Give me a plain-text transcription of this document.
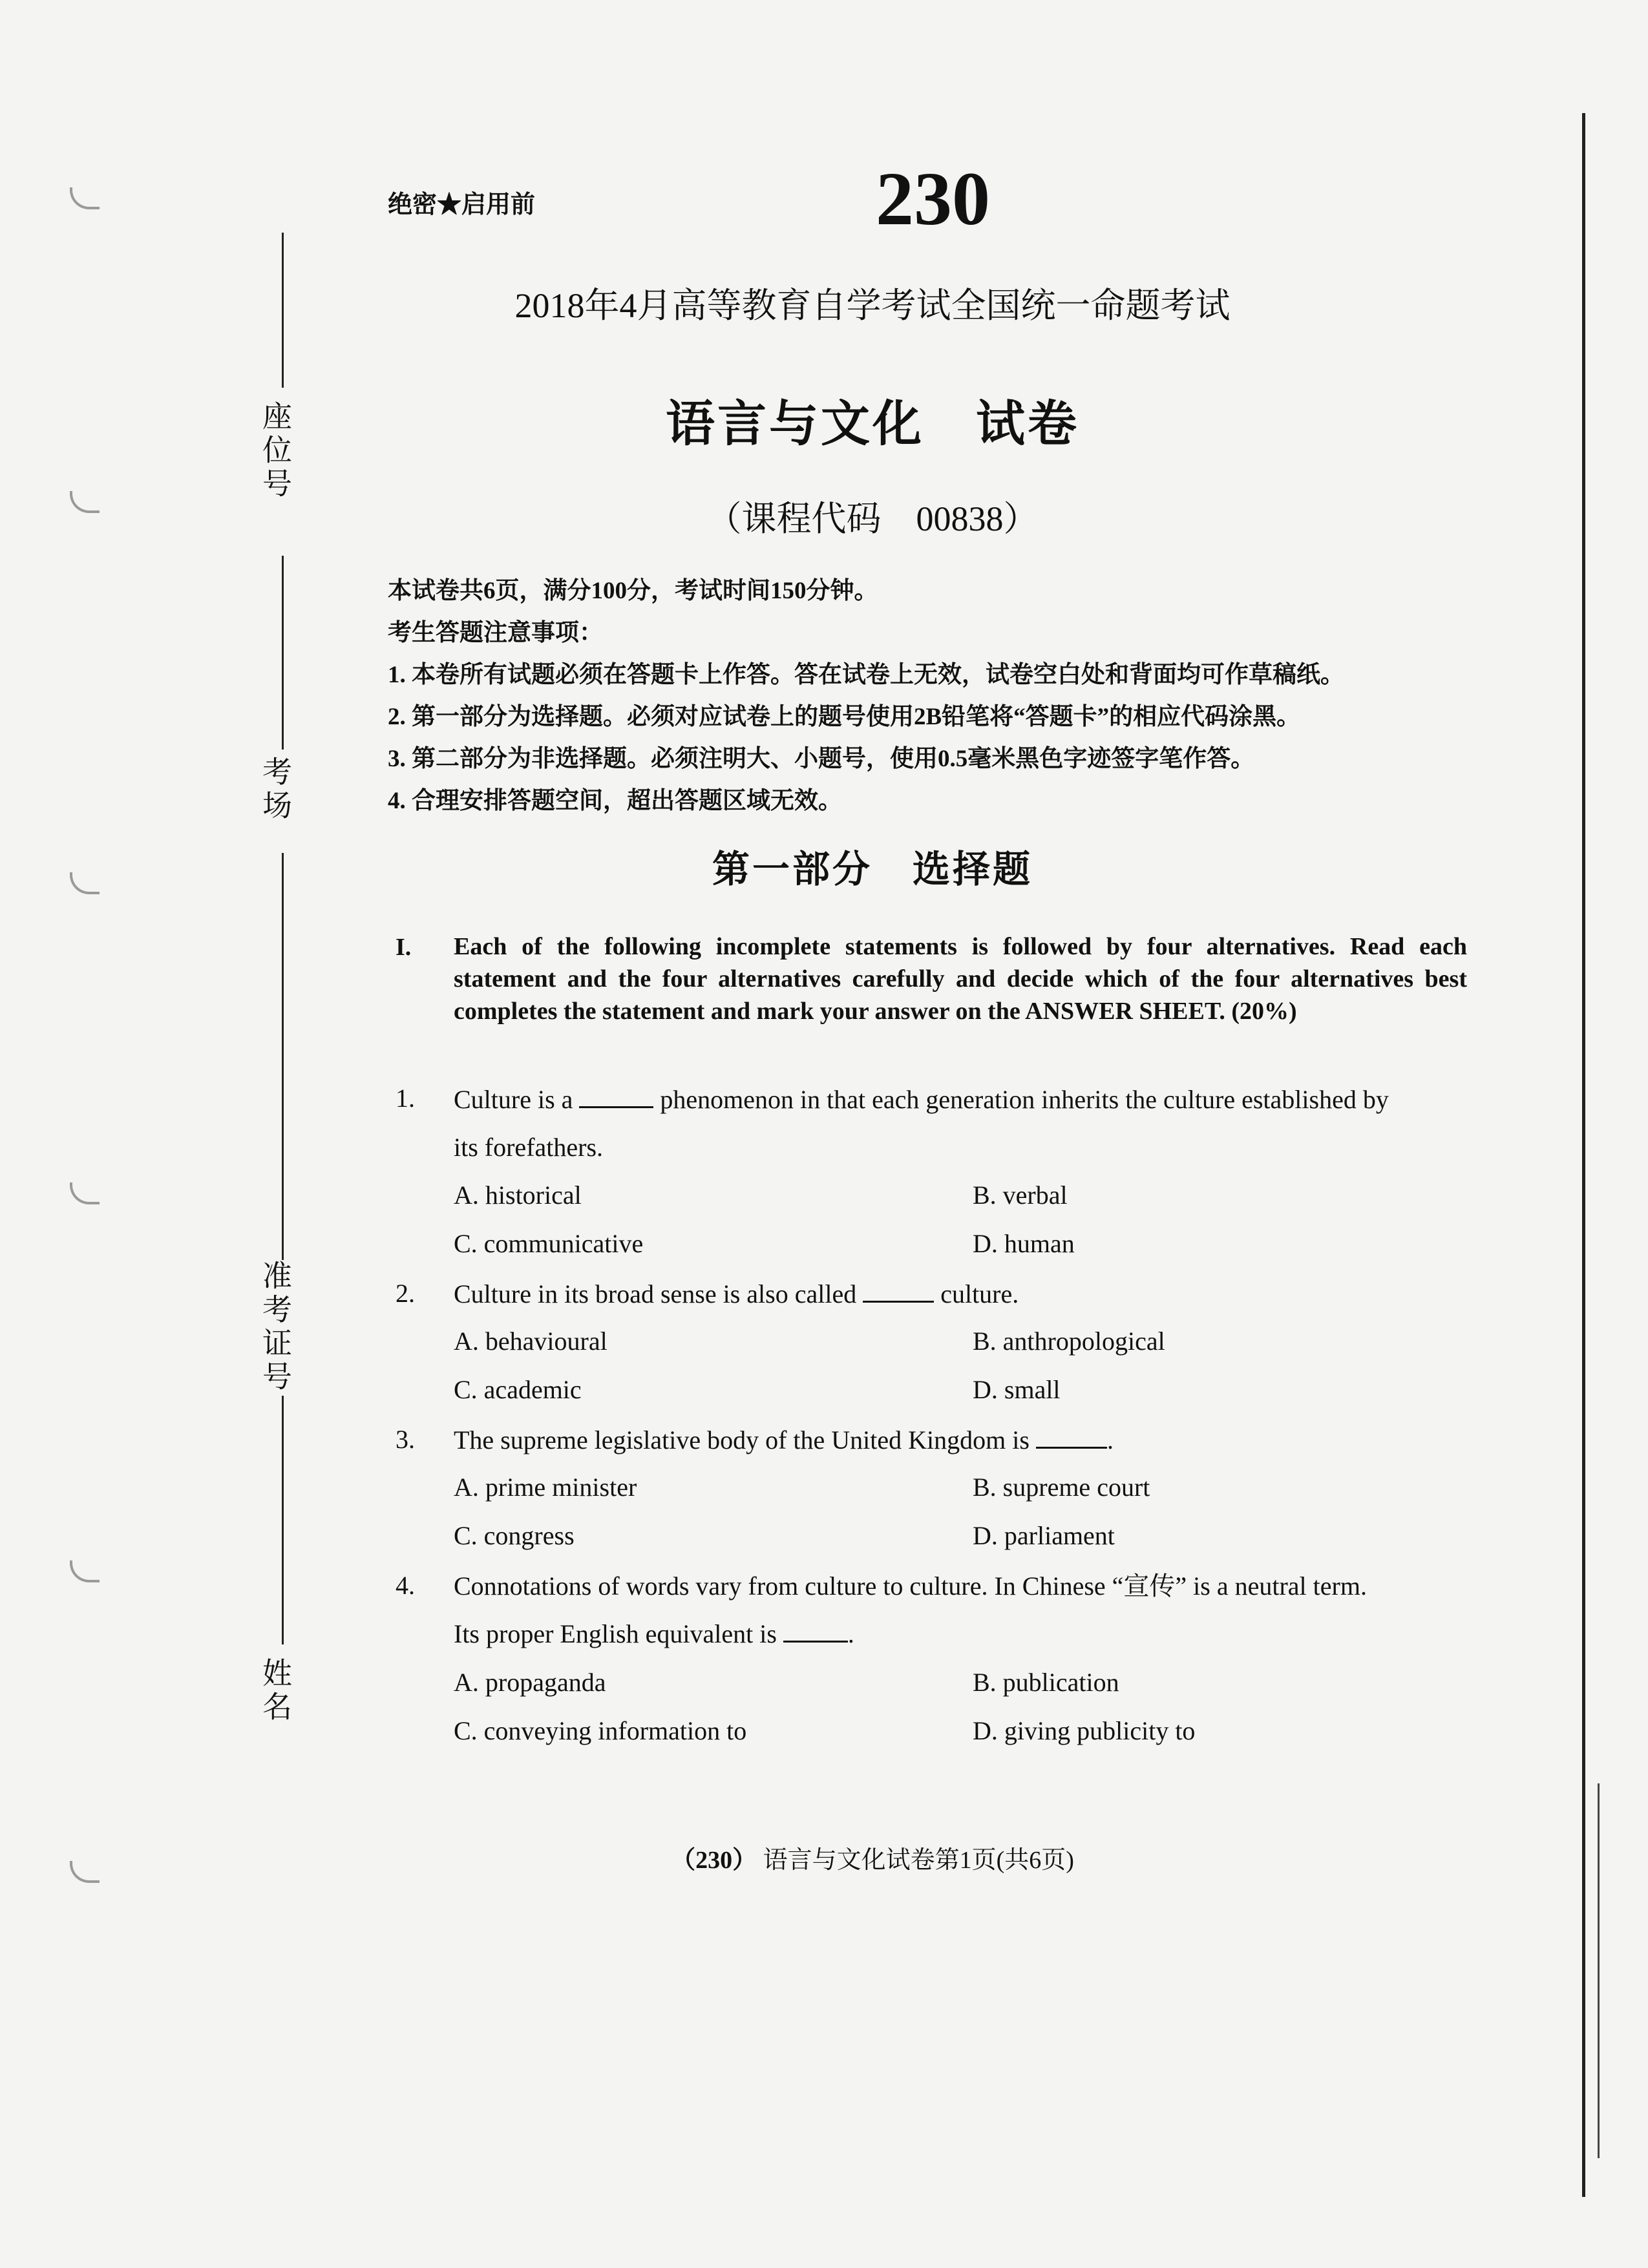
座位号
考场
准考证号
姓名
绝密★启用前	230
2018年4月高等教育自学考试全国统一命题考试
语言与文化　试卷
（课程代码　00838）
本试卷共6页，满分100分，考试时间150分钟。
考生答题注意事项：
1. 本卷所有试题必须在答题卡上作答。答在试卷上无效，试卷空白处和背面均可作草稿纸。
2. 第一部分为选择题。必须对应试卷上的题号使用2B铅笔将“答题卡”的相应代码涂黑。
3. 第二部分为非选择题。必须注明大、小题号，使用0.5毫米黑色字迹签字笔作答。
4. 合理安排答题空间，超出答题区域无效。
第一部分　选择题
I. Each of the following incomplete statements is followed by four alternatives. Read each statement and the four alternatives carefully and decide which of the four alternatives best completes the statement and mark your answer on the ANSWER SHEET. (20%)
1. Culture is a	phenomenon in that each generation inherits the culture established by
its forefathers.
A. historical	B. verbal
C. communicative	D. human
2. Culture in its broad sense is also called	culture.
A. behavioural	B. anthropological
C. academic	D. small
3. The supreme legislative body of the United Kingdom is	.
A. prime minister	B. supreme court
C. congress	D. parliament
4. Connotations of words vary from culture to culture. In Chinese “宣传” is a neutral term.
Its proper English equivalent is	.
A. propaganda	B. publication
C. conveying information to	D. giving publicity to
（230） 语言与文化试卷第1页(共6页)
